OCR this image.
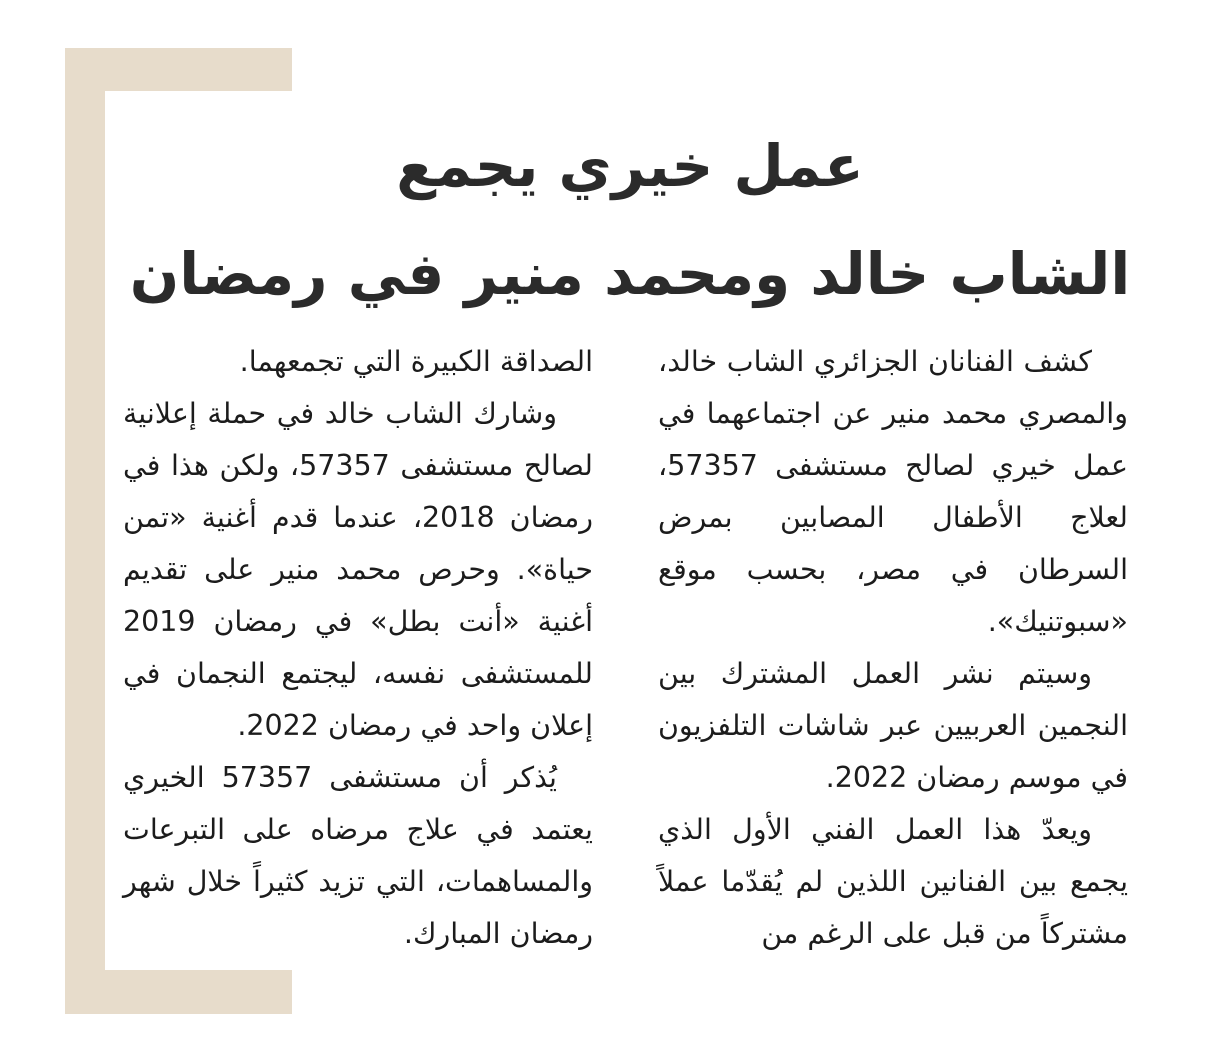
عمل خيري يجمع
الشاب خالد ومحمد منير في رمضان

كشف الفنانان الجزائري الشاب خالد، والمصري محمد منير عن اجتماعهما في عمل خيري لصالح مستشفى 57357، لعلاج الأطفال المصابين بمرض السرطان في مصر، بحسب موقع «سبوتنيك».

وسيتم نشر العمل المشترك بين النجمين العربيين عبر شاشات التلفزيون في موسم رمضان 2022.

ويعدّ هذا العمل الفني الأول الذي يجمع بين الفنانين اللذين لم يُقدّما عملاً مشتركاً من قبل على الرغم من

الصداقة الكبيرة التي تجمعهما.

وشارك الشاب خالد في حملة إعلانية لصالح مستشفى 57357، ولكن هذا في رمضان 2018، عندما قدم أغنية «تمن حياة». وحرص محمد منير على تقديم أغنية «أنت بطل» في رمضان 2019 للمستشفى نفسه، ليجتمع النجمان في إعلان واحد في رمضان 2022.

يُذكر أن مستشفى 57357 الخيري يعتمد في علاج مرضاه على التبرعات والمساهمات، التي تزيد كثيراً خلال شهر رمضان المبارك.
